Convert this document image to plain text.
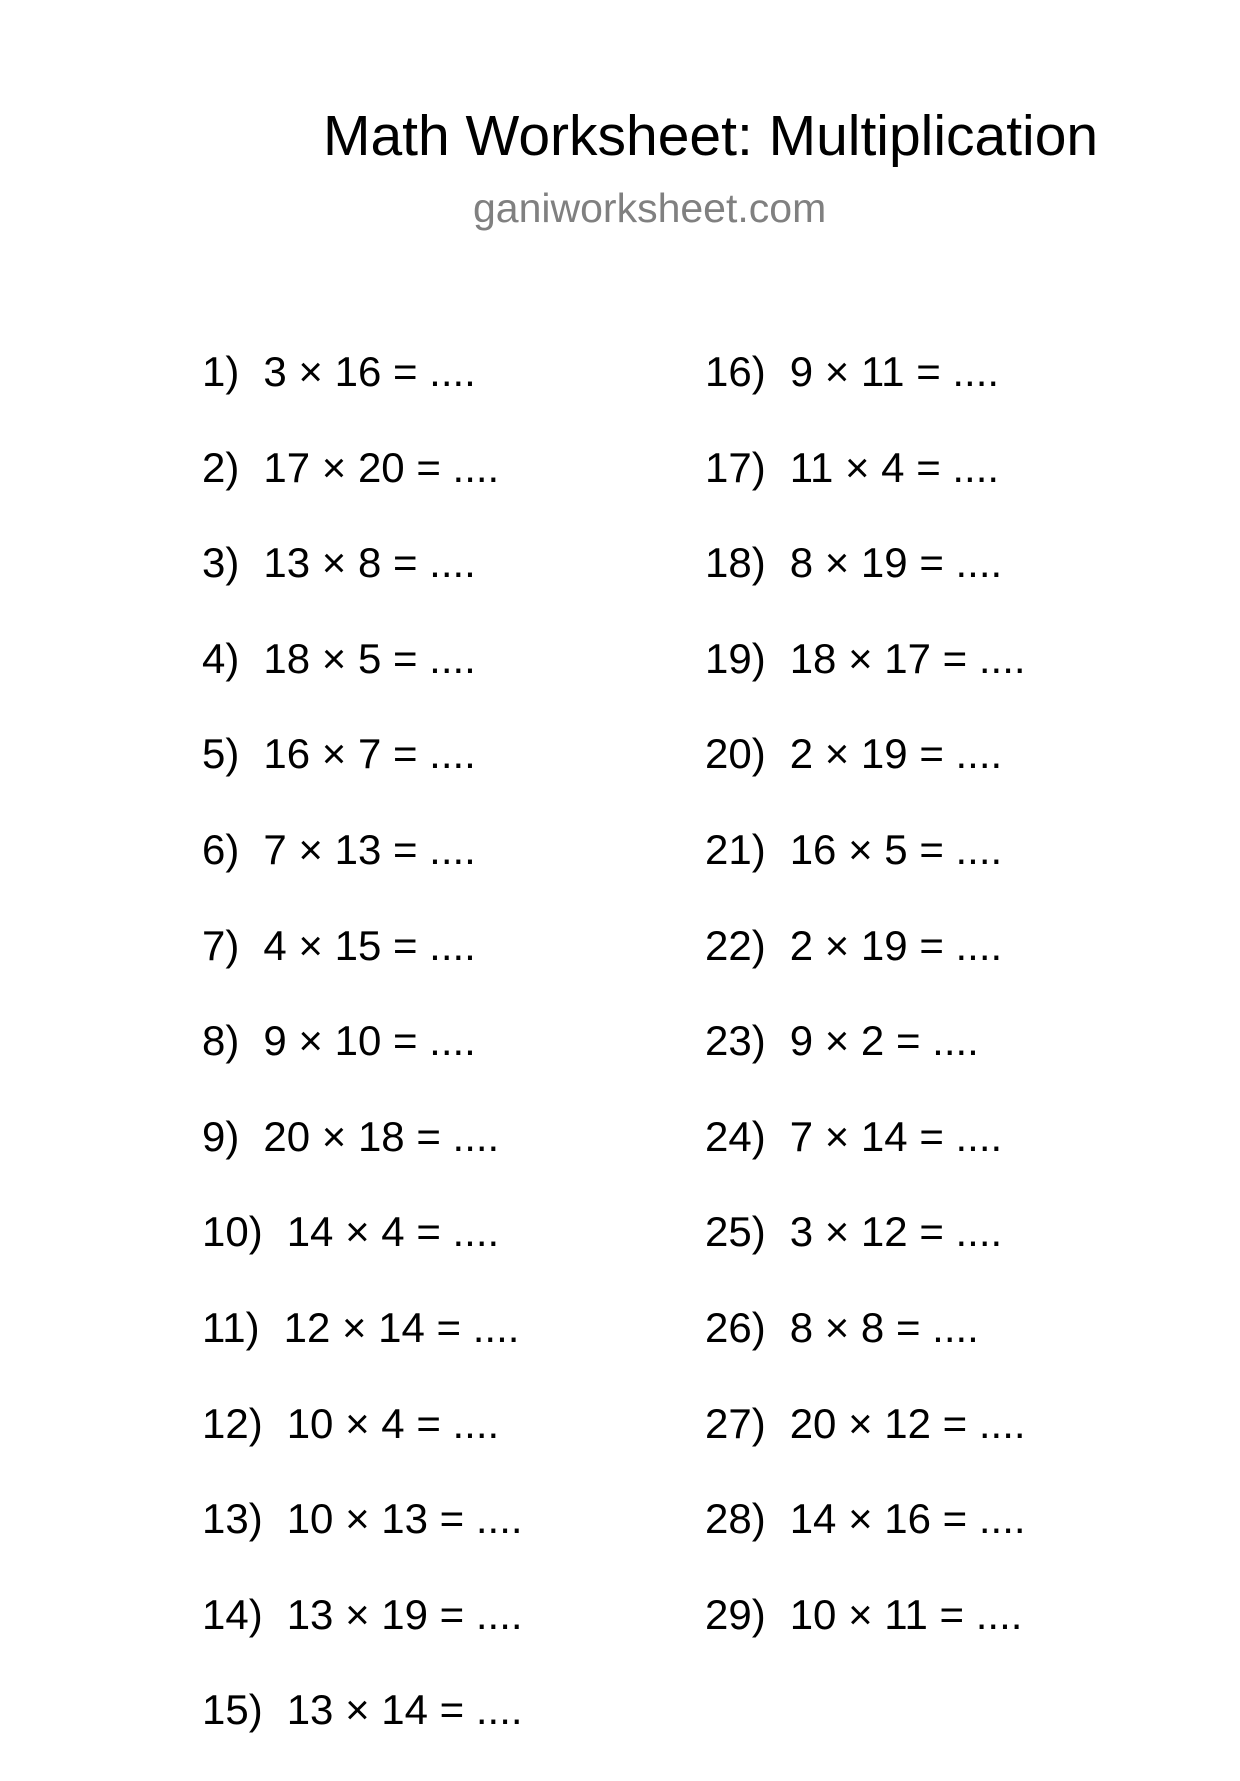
Math Worksheet: Multiplication
ganiworksheet.com
1) 3 × 16 = ....
2) 17 × 20 = ....
3) 13 × 8 = ....
4) 18 × 5 = ....
5) 16 × 7 = ....
6) 7 × 13 = ....
7) 4 × 15 = ....
8) 9 × 10 = ....
9) 20 × 18 = ....
10) 14 × 4 = ....
11) 12 × 14 = ....
12) 10 × 4 = ....
13) 10 × 13 = ....
14) 13 × 19 = ....
15) 13 × 14 = ....
16) 9 × 11 = ....
17) 11 × 4 = ....
18) 8 × 19 = ....
19) 18 × 17 = ....
20) 2 × 19 = ....
21) 16 × 5 = ....
22) 2 × 19 = ....
23) 9 × 2 = ....
24) 7 × 14 = ....
25) 3 × 12 = ....
26) 8 × 8 = ....
27) 20 × 12 = ....
28) 14 × 16 = ....
29) 10 × 11 = ....
